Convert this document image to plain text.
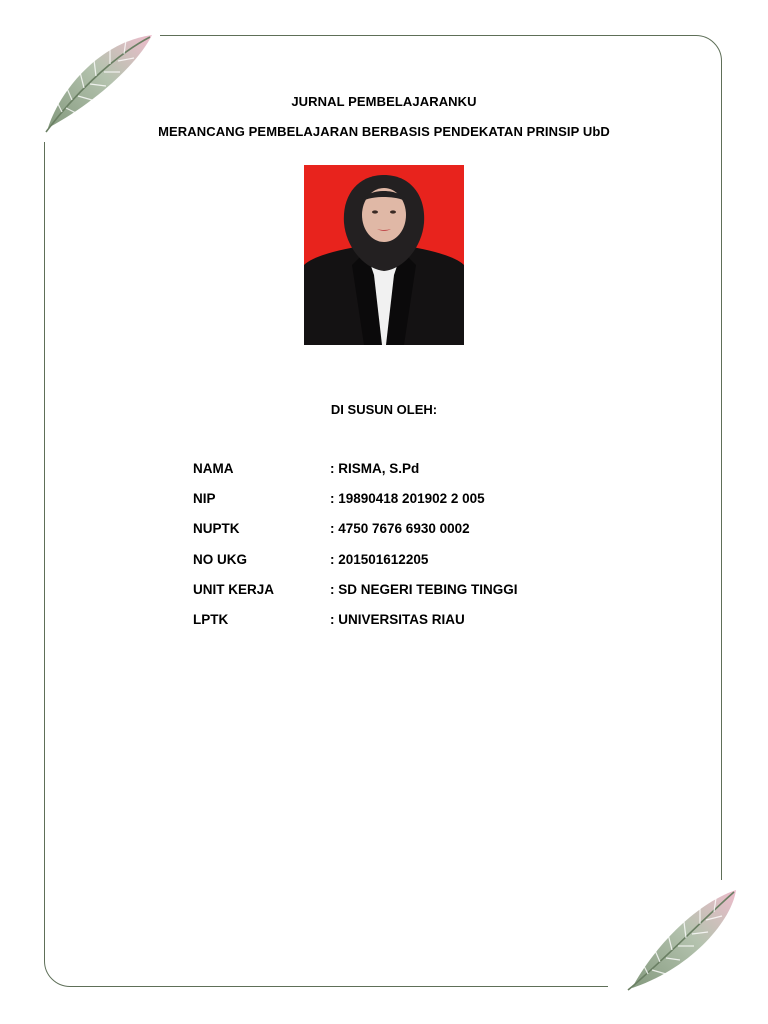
JURNAL PEMBELAJARANKU
MERANCANG PEMBELAJARAN BERBASIS PENDEKATAN PRINSIP UbD
DI SUSUN OLEH:
NAMA	: RISMA, S.Pd
NIP	: 19890418 201902 2 005
NUPTK	: 4750 7676 6930 0002
NO UKG	: 201501612205
UNIT KERJA	: SD NEGERI TEBING TINGGI
LPTK	: UNIVERSITAS RIAU
